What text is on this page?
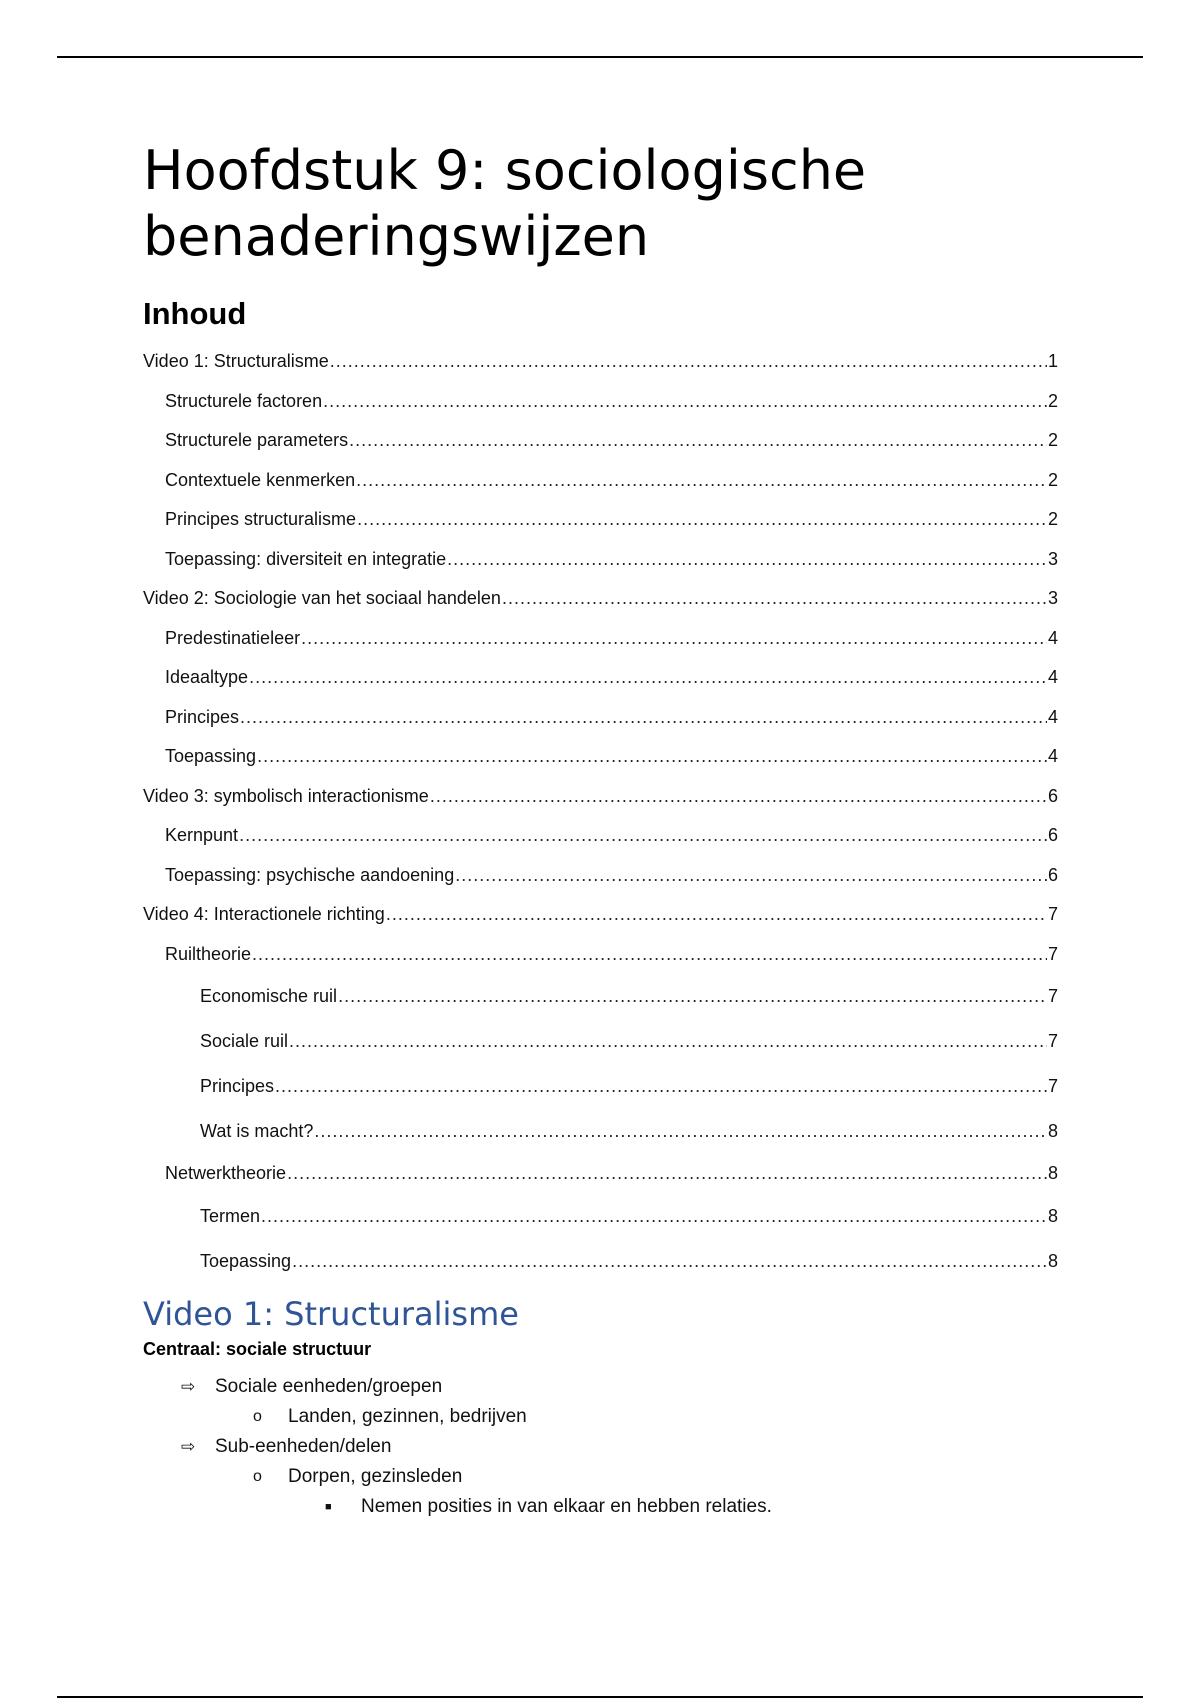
Hoofdstuk 9: sociologische benaderingswijzen
Inhoud
Video 1: Structuralisme .....	1
Structurele factoren .....	2
Structurele parameters .....	2
Contextuele kenmerken .....	2
Principes structuralisme .....	2
Toepassing: diversiteit en integratie .....	3
Video 2: Sociologie van het sociaal handelen .....	3
Predestinatieleer .....	4
Ideaaltype .....	4
Principes .....	4
Toepassing .....	4
Video 3: symbolisch interactionisme .....	6
Kernpunt .....	6
Toepassing: psychische aandoening .....	6
Video 4: Interactionele richting .....	7
Ruiltheorie .....	7
Economische ruil .....	7
Sociale ruil .....	7
Principes .....	7
Wat is macht? .....	8
Netwerktheorie .....	8
Termen .....	8
Toepassing .....	8
Video 1: Structuralisme
Centraal: sociale structuur
⇨ Sociale eenheden/groepen
o Landen, gezinnen, bedrijven
⇨ Sub-eenheden/delen
o Dorpen, gezinsleden
■ Nemen posities in van elkaar en hebben relaties.
